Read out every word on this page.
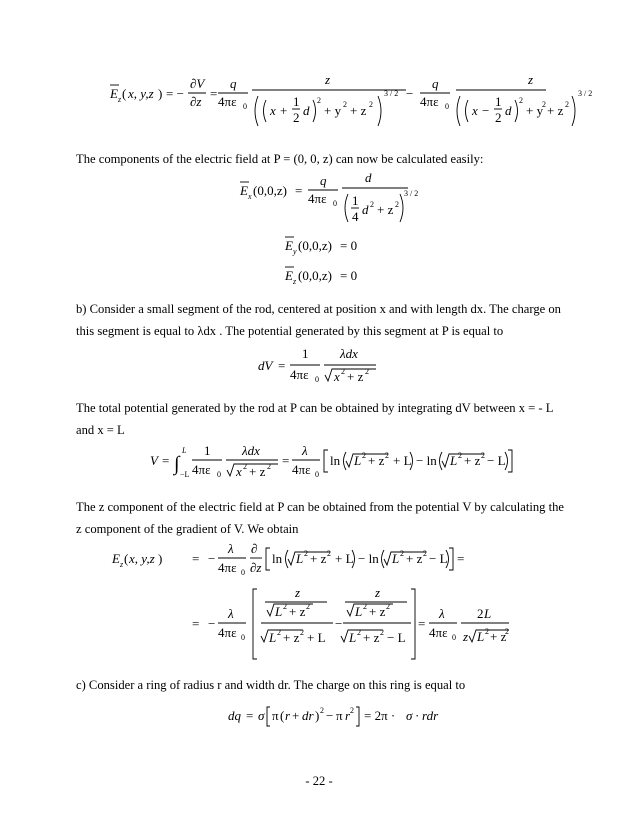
E z ( x, y,z ) = −
∂V
∂z
=
q
4πε 0
z
x +
1
2 d
2
+ y 2 + z 2
3 / 2 −
q
4πε 0
z
x −
1
2 d
2
+ y
2 + z 2
3 / 2
The components of the electric field at P = (0, 0, z) can now be calculated easily:
E x (0,0,z) =
q
4πε 0
d
1
4 d 2 + z 2
3 / 2
E y (0,0,z) = 0
E z (0,0,z) = 0
b) Consider a small segment of the rod, centered at position x and with length dx. The charge on this segment is equal to λdx . The potential generated by this segment at P is equal to
dV =
1
4πε 0
λdx
x 2 + z 2
The total potential generated by the rod at P can be obtained by integrating dV between x = - L and x = L
V = ∫
L
−L
1
4πε 0
λdx
x 2 + z 2 =
λ
4πε 0
ln L 2 + z 2 + L − ln L 2 + z 2 − L
The z component of the electric field at P can be obtained from the potential V by calculating the z component of the gradient of V. We obtain
E z ( x, y,z ) = −
λ
4πε 0
∂
∂z
ln L 2 + z 2 + L − ln L 2 + z 2 − L =
= −
λ
4πε 0
z
L 2 + z 2
L 2 + z 2 + L
−
z
L 2 + z 2
L 2 + z 2 − L
=
λ
4πε 0
2 L
z L 2 + z
2
c) Consider a ring of radius r and width dr. The charge on this ring is equal to
dq = σ π ( r + dr ) 2 − π r 2 = 2π · σ · rdr
- 22 -
